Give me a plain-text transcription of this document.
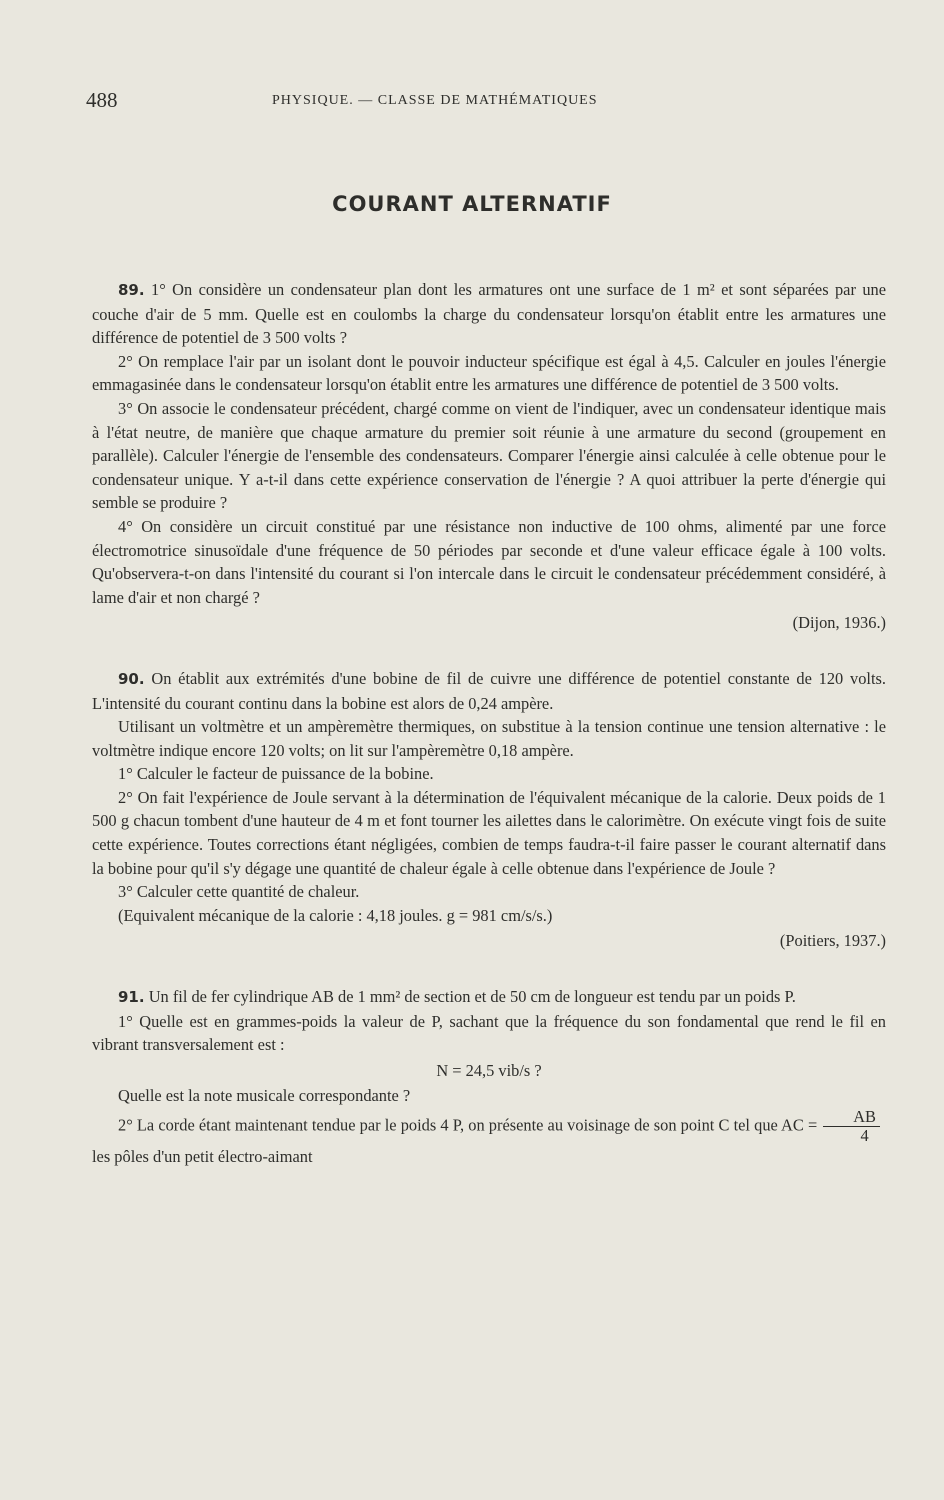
488	PHYSIQUE. — CLASSE DE MATHÉMATIQUES
COURANT ALTERNATIF

89. 1° On considère un condensateur plan dont les armatures ont une surface de 1 m² et sont séparées par une couche d'air de 5 mm. Quelle est en coulombs la charge du condensateur lorsqu'on établit entre les armatures une différence de potentiel de 3 500 volts ?

2° On remplace l'air par un isolant dont le pouvoir inducteur spécifique est égal à 4,5. Calculer en joules l'énergie emmagasinée dans le condensateur lorsqu'on établit entre les armatures une différence de potentiel de 3 500 volts.

3° On associe le condensateur précédent, chargé comme on vient de l'indiquer, avec un condensateur identique mais à l'état neutre, de manière que chaque armature du premier soit réunie à une armature du second (groupement en parallèle). Calculer l'énergie de l'ensemble des condensateurs. Comparer l'énergie ainsi calculée à celle obtenue pour le condensateur unique. Y a-t-il dans cette expérience conservation de l'énergie ? A quoi attribuer la perte d'énergie qui semble se produire ?

4° On considère un circuit constitué par une résistance non inductive de 100 ohms, alimenté par une force électromotrice sinusoïdale d'une fréquence de 50 périodes par seconde et d'une valeur efficace égale à 100 volts. Qu'observera-t-on dans l'intensité du courant si l'on intercale dans le circuit le condensateur précédemment considéré, à lame d'air et non chargé ?

(Dijon, 1936.)

90. On établit aux extrémités d'une bobine de fil de cuivre une différence de potentiel constante de 120 volts. L'intensité du courant continu dans la bobine est alors de 0,24 ampère.

Utilisant un voltmètre et un ampèremètre thermiques, on substitue à la tension continue une tension alternative : le voltmètre indique encore 120 volts; on lit sur l'ampèremètre 0,18 ampère.

1° Calculer le facteur de puissance de la bobine.

2° On fait l'expérience de Joule servant à la détermination de l'équivalent mécanique de la calorie. Deux poids de 1 500 g chacun tombent d'une hauteur de 4 m et font tourner les ailettes dans le calorimètre. On exécute vingt fois de suite cette expérience. Toutes corrections étant négligées, combien de temps faudra-t-il faire passer le courant alternatif dans la bobine pour qu'il s'y dégage une quantité de chaleur égale à celle obtenue dans l'expérience de Joule ?

3° Calculer cette quantité de chaleur.

(Equivalent mécanique de la calorie : 4,18 joules. g = 981 cm/s/s.)

(Poitiers, 1937.)

91. Un fil de fer cylindrique AB de 1 mm² de section et de 50 cm de longueur est tendu par un poids P.

1° Quelle est en grammes-poids la valeur de P, sachant que la fréquence du son fondamental que rend le fil en vibrant transversalement est :

N = 24,5 vib/s ?

Quelle est la note musicale correspondante ?

2° La corde étant maintenant tendue par le poids 4 P, on présente au voisinage de son point C tel que AC = $\frac{AB}{4}$
les pôles d'un petit électro-aimant
